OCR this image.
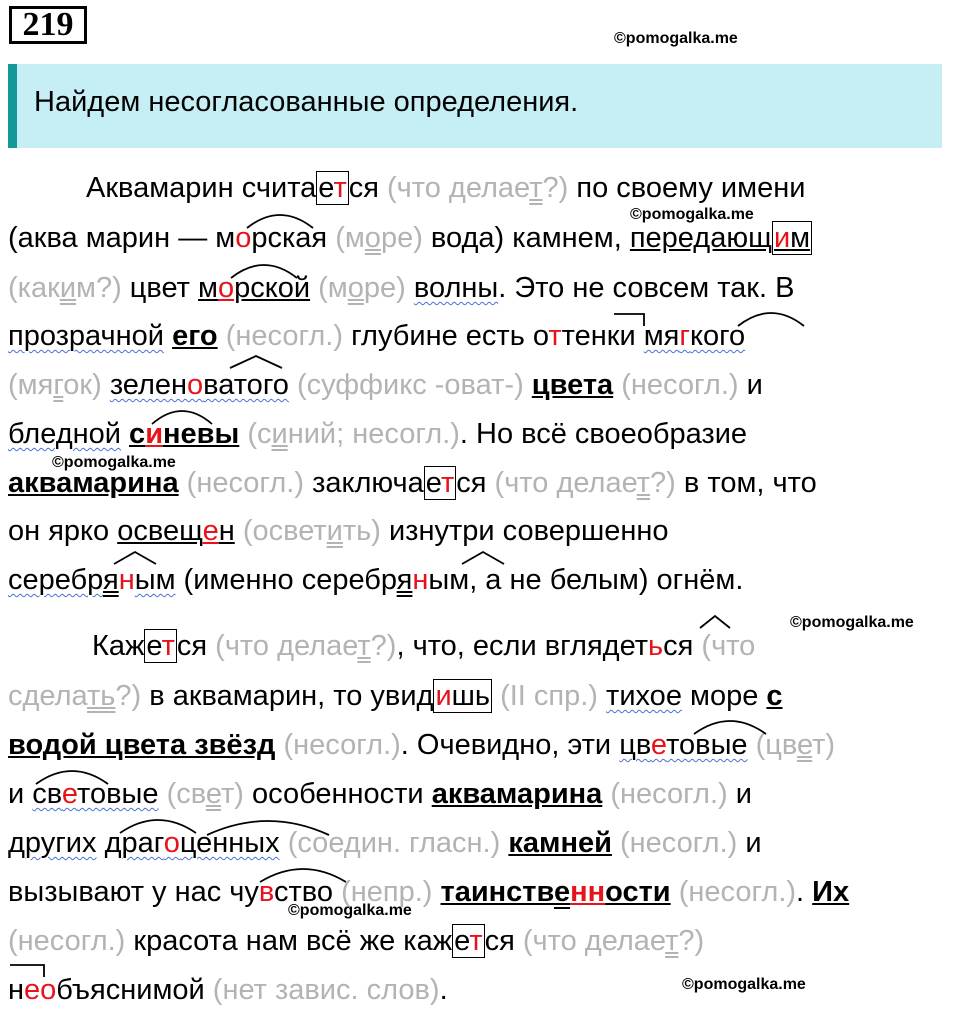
219	©pomogalka.me
Найдем несогласованные определения.
Аквамарин считается (что делает?) по своему имени
(аква марин — морская (море) вода) камнем, передающим
(каким?) цвет морской (море) волны. Это не совсем так. В
прозрачной его (несогл.) глубине есть оттенки мягкого
(мягок) зеленоватого (суффикс -оват-) цвета (несогл.) и
бледной синевы (синий; несогл.). Но всё своеобразие
аквамарина (несогл.) заключается (что делает?) в том, что
он ярко освещен (осветить) изнутри совершенно
серебряным (именно серебряным, а не белым) огнём.
Кажется (что делает?), что, если вглядеться (что
сделать?) в аквамарин, то увидишь (II спр.) тихое море с
водой цвета звёзд (несогл.). Очевидно, эти цветовые (цвет)
и световые (свет) особенности аквамарина (несогл.) и
других драгоценных (соедин. гласн.) камней (несогл.) и
вызывают у нас чувство (непр.) таинственности (несогл.). Их
(несогл.) красота нам всё же кажется (что делает?)
необъяснимой (нет завис. слов).
©pomogalka.me
©pomogalka.me
©pomogalka.me
©pomogalka.me
©pomogalka.me
